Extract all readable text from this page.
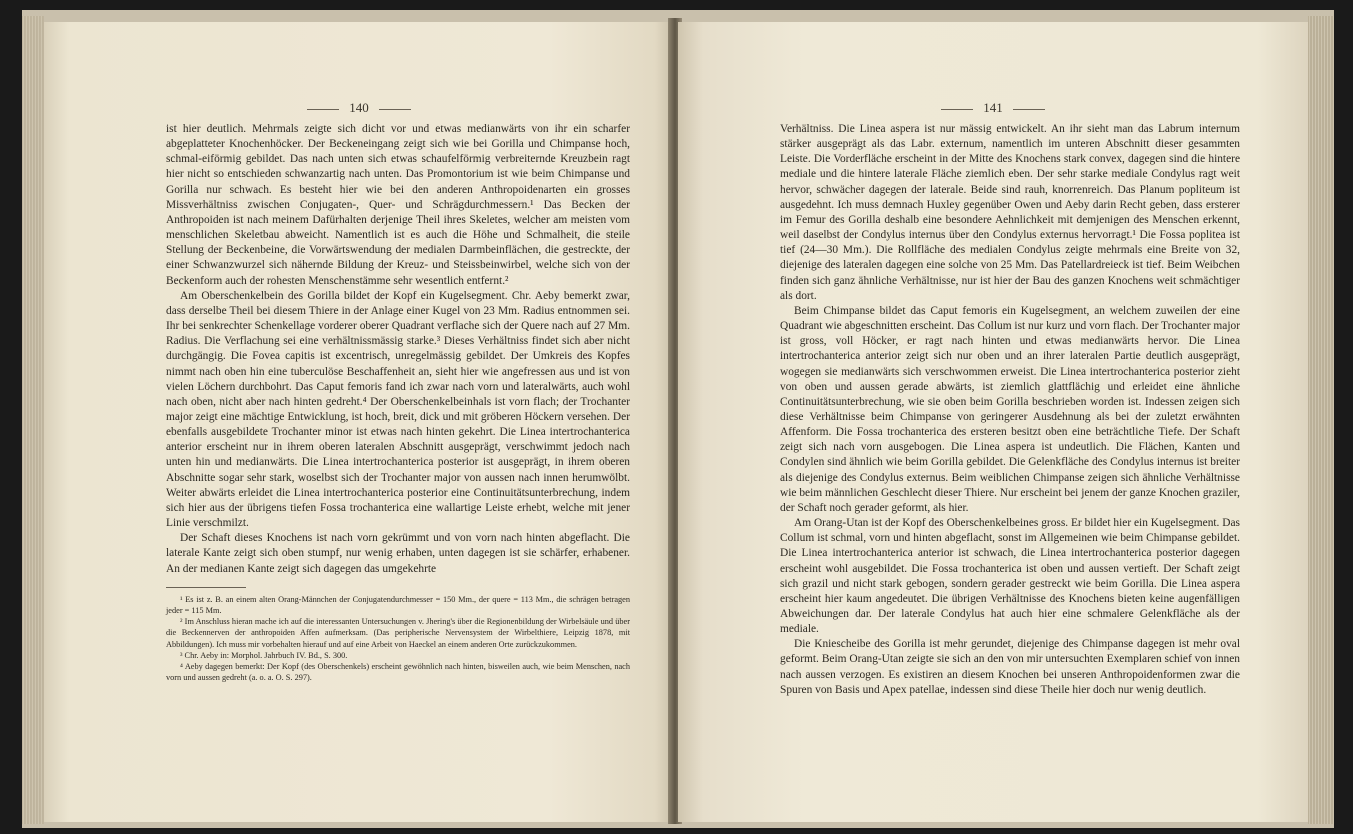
140

ist hier deutlich. Mehrmals zeigte sich dicht vor und etwas medianwärts von ihr ein scharfer abgeplatteter Knochenhöcker. Der Beckeneingang zeigt sich wie bei Gorilla und Chimpanse hoch, schmal-eiförmig gebildet. Das nach unten sich etwas schaufelförmig verbreiternde Kreuzbein ragt hier nicht so entschieden schwanzartig nach unten. Das Promontorium ist wie beim Chimpanse und Gorilla nur schwach. Es besteht hier wie bei den anderen Anthropoidenarten ein grosses Missverhältniss zwischen Conjugaten-, Quer- und Schrägdurchmessern.¹ Das Becken der Anthropoiden ist nach meinem Dafürhalten derjenige Theil ihres Skeletes, welcher am meisten vom menschlichen Skeletbau abweicht. Namentlich ist es auch die Höhe und Schmalheit, die steile Stellung der Beckenbeine, die Vorwärtswendung der medialen Darmbeinflächen, die gestreckte, der einer Schwanzwurzel sich nähernde Bildung der Kreuz- und Steissbeinwirbel, welche sich von der Beckenform auch der rohesten Menschenstämme sehr wesentlich entfernt.²

Am Oberschenkelbein des Gorilla bildet der Kopf ein Kugelsegment. Chr. Aeby bemerkt zwar, dass derselbe Theil bei diesem Thiere in der Anlage einer Kugel von 23 Mm. Radius entnommen sei. Ihr bei senkrechter Schenkellage vorderer oberer Quadrant verflache sich der Quere nach auf 27 Mm. Radius. Die Verflachung sei eine verhältnissmässig starke.³ Dieses Verhältniss findet sich aber nicht durchgängig. Die Fovea capitis ist excentrisch, unregelmässig gebildet. Der Umkreis des Kopfes nimmt nach oben hin eine tuberculöse Beschaffenheit an, sieht hier wie angefressen aus und ist von vielen Löchern durchbohrt. Das Caput femoris fand ich zwar nach vorn und lateralwärts, auch wohl nach oben, nicht aber nach hinten gedreht.⁴ Der Oberschenkelbeinhals ist vorn flach; der Trochanter major zeigt eine mächtige Entwicklung, ist hoch, breit, dick und mit gröberen Höckern versehen. Der ebenfalls ausgebildete Trochanter minor ist etwas nach hinten gekehrt. Die Linea intertrochanterica anterior erscheint nur in ihrem oberen lateralen Abschnitt ausgeprägt, verschwimmt jedoch nach unten hin und medianwärts. Die Linea intertrochanterica posterior ist ausgeprägt, in ihrem oberen Abschnitte sogar sehr stark, woselbst sich der Trochanter major von aussen nach innen herumwölbt. Weiter abwärts erleidet die Linea intertrochanterica posterior eine Continuitätsunterbrechung, indem sich hier aus der übrigens tiefen Fossa trochanterica eine wallartige Leiste erhebt, welche mit jener Linie verschmilzt.

Der Schaft dieses Knochens ist nach vorn gekrümmt und von vorn nach hinten abgeflacht. Die laterale Kante zeigt sich oben stumpf, nur wenig erhaben, unten dagegen ist sie schärfer, erhabener. An der medianen Kante zeigt sich dagegen das umgekehrte

¹ Es ist z. B. an einem alten Orang-Männchen der Conjugatendurchmesser = 150 Mm., der quere = 113 Mm., die schrägen betragen jeder = 115 Mm.

² Im Anschluss hieran mache ich auf die interessanten Untersuchungen v. Jhering's über die Regionenbildung der Wirbelsäule und über die Beckennerven der anthropoiden Affen aufmerksam. (Das peripherische Nervensystem der Wirbelthiere, Leipzig 1878, mit Abbildungen). Ich muss mir vorbehalten hierauf und auf eine Arbeit von Haeckel an einem anderen Orte zurückzukommen.

³ Chr. Aeby in: Morphol. Jahrbuch IV. Bd., S. 300.

⁴ Aeby dagegen bemerkt: Der Kopf (des Oberschenkels) erscheint gewöhnlich nach hinten, bisweilen auch, wie beim Menschen, nach vorn und aussen gedreht (a. o. a. O. S. 297).

141

Verhältniss. Die Linea aspera ist nur mässig entwickelt. An ihr sieht man das Labrum internum stärker ausgeprägt als das Labr. externum, namentlich im unteren Abschnitt dieser gesammten Leiste. Die Vorderfläche erscheint in der Mitte des Knochens stark convex, dagegen sind die hintere mediale und die hintere laterale Fläche ziemlich eben. Der sehr starke mediale Condylus ragt weit hervor, schwächer dagegen der laterale. Beide sind rauh, knorrenreich. Das Planum popliteum ist ausgedehnt. Ich muss demnach Huxley gegenüber Owen und Aeby darin Recht geben, dass ersterer im Femur des Gorilla deshalb eine besondere Aehnlichkeit mit demjenigen des Menschen erkennt, weil daselbst der Condylus internus über den Condylus externus hervorragt.¹ Die Fossa poplitea ist tief (24—30 Mm.). Die Rollfläche des medialen Condylus zeigte mehrmals eine Breite von 32, diejenige des lateralen dagegen eine solche von 25 Mm. Das Patellardreieck ist tief. Beim Weibchen finden sich ganz ähnliche Verhältnisse, nur ist hier der Bau des ganzen Knochens weit schmächtiger als dort.

Beim Chimpanse bildet das Caput femoris ein Kugelsegment, an welchem zuweilen der eine Quadrant wie abgeschnitten erscheint. Das Collum ist nur kurz und vorn flach. Der Trochanter major ist gross, voll Höcker, er ragt nach hinten und etwas medianwärts hervor. Die Linea intertrochanterica anterior zeigt sich nur oben und an ihrer lateralen Partie deutlich ausgeprägt, wogegen sie medianwärts sich verschwommen erweist. Die Linea intertrochanterica posterior zieht von oben und aussen gerade abwärts, ist ziemlich glattflächig und erleidet eine ähnliche Continuitätsunterbrechung, wie sie oben beim Gorilla beschrieben worden ist. Indessen zeigen sich diese Verhältnisse beim Chimpanse von geringerer Ausdehnung als bei der zuletzt erwähnten Affenform. Die Fossa trochanterica des ersteren besitzt oben eine beträchtliche Tiefe. Der Schaft zeigt sich nach vorn ausgebogen. Die Linea aspera ist undeutlich. Die Flächen, Kanten und Condylen sind ähnlich wie beim Gorilla gebildet. Die Gelenkfläche des Condylus internus ist breiter als diejenige des Condylus externus. Beim weiblichen Chimpanse zeigen sich ähnliche Verhältnisse wie beim männlichen Geschlecht dieser Thiere. Nur erscheint bei jenem der ganze Knochen graziler, der Schaft noch gerader geformt, als hier.

Am Orang-Utan ist der Kopf des Oberschenkelbeines gross. Er bildet hier ein Kugelsegment. Das Collum ist schmal, vorn und hinten abgeflacht, sonst im Allgemeinen wie beim Chimpanse gebildet. Die Linea intertrochanterica anterior ist schwach, die Linea intertrochanterica posterior dagegen erscheint wohl ausgebildet. Die Fossa trochanterica ist oben und aussen vertieft. Der Schaft zeigt sich grazil und nicht stark gebogen, sondern gerader gestreckt wie beim Gorilla. Die Linea aspera erscheint hier kaum angedeutet. Die übrigen Verhältnisse des Knochens bieten keine augenfälligen Abweichungen dar. Der laterale Condylus hat auch hier eine schmalere Gelenkfläche als der mediale.

Die Kniescheibe des Gorilla ist mehr gerundet, diejenige des Chimpanse dagegen ist mehr oval geformt. Beim Orang-Utan zeigte sie sich an den von mir untersuchten Exemplaren schief von innen nach aussen verzogen. Es existiren an diesem Knochen bei unseren Anthropoidenformen zwar die Spuren von Basis und Apex patellae, indessen sind diese Theile hier doch nur wenig deutlich.
